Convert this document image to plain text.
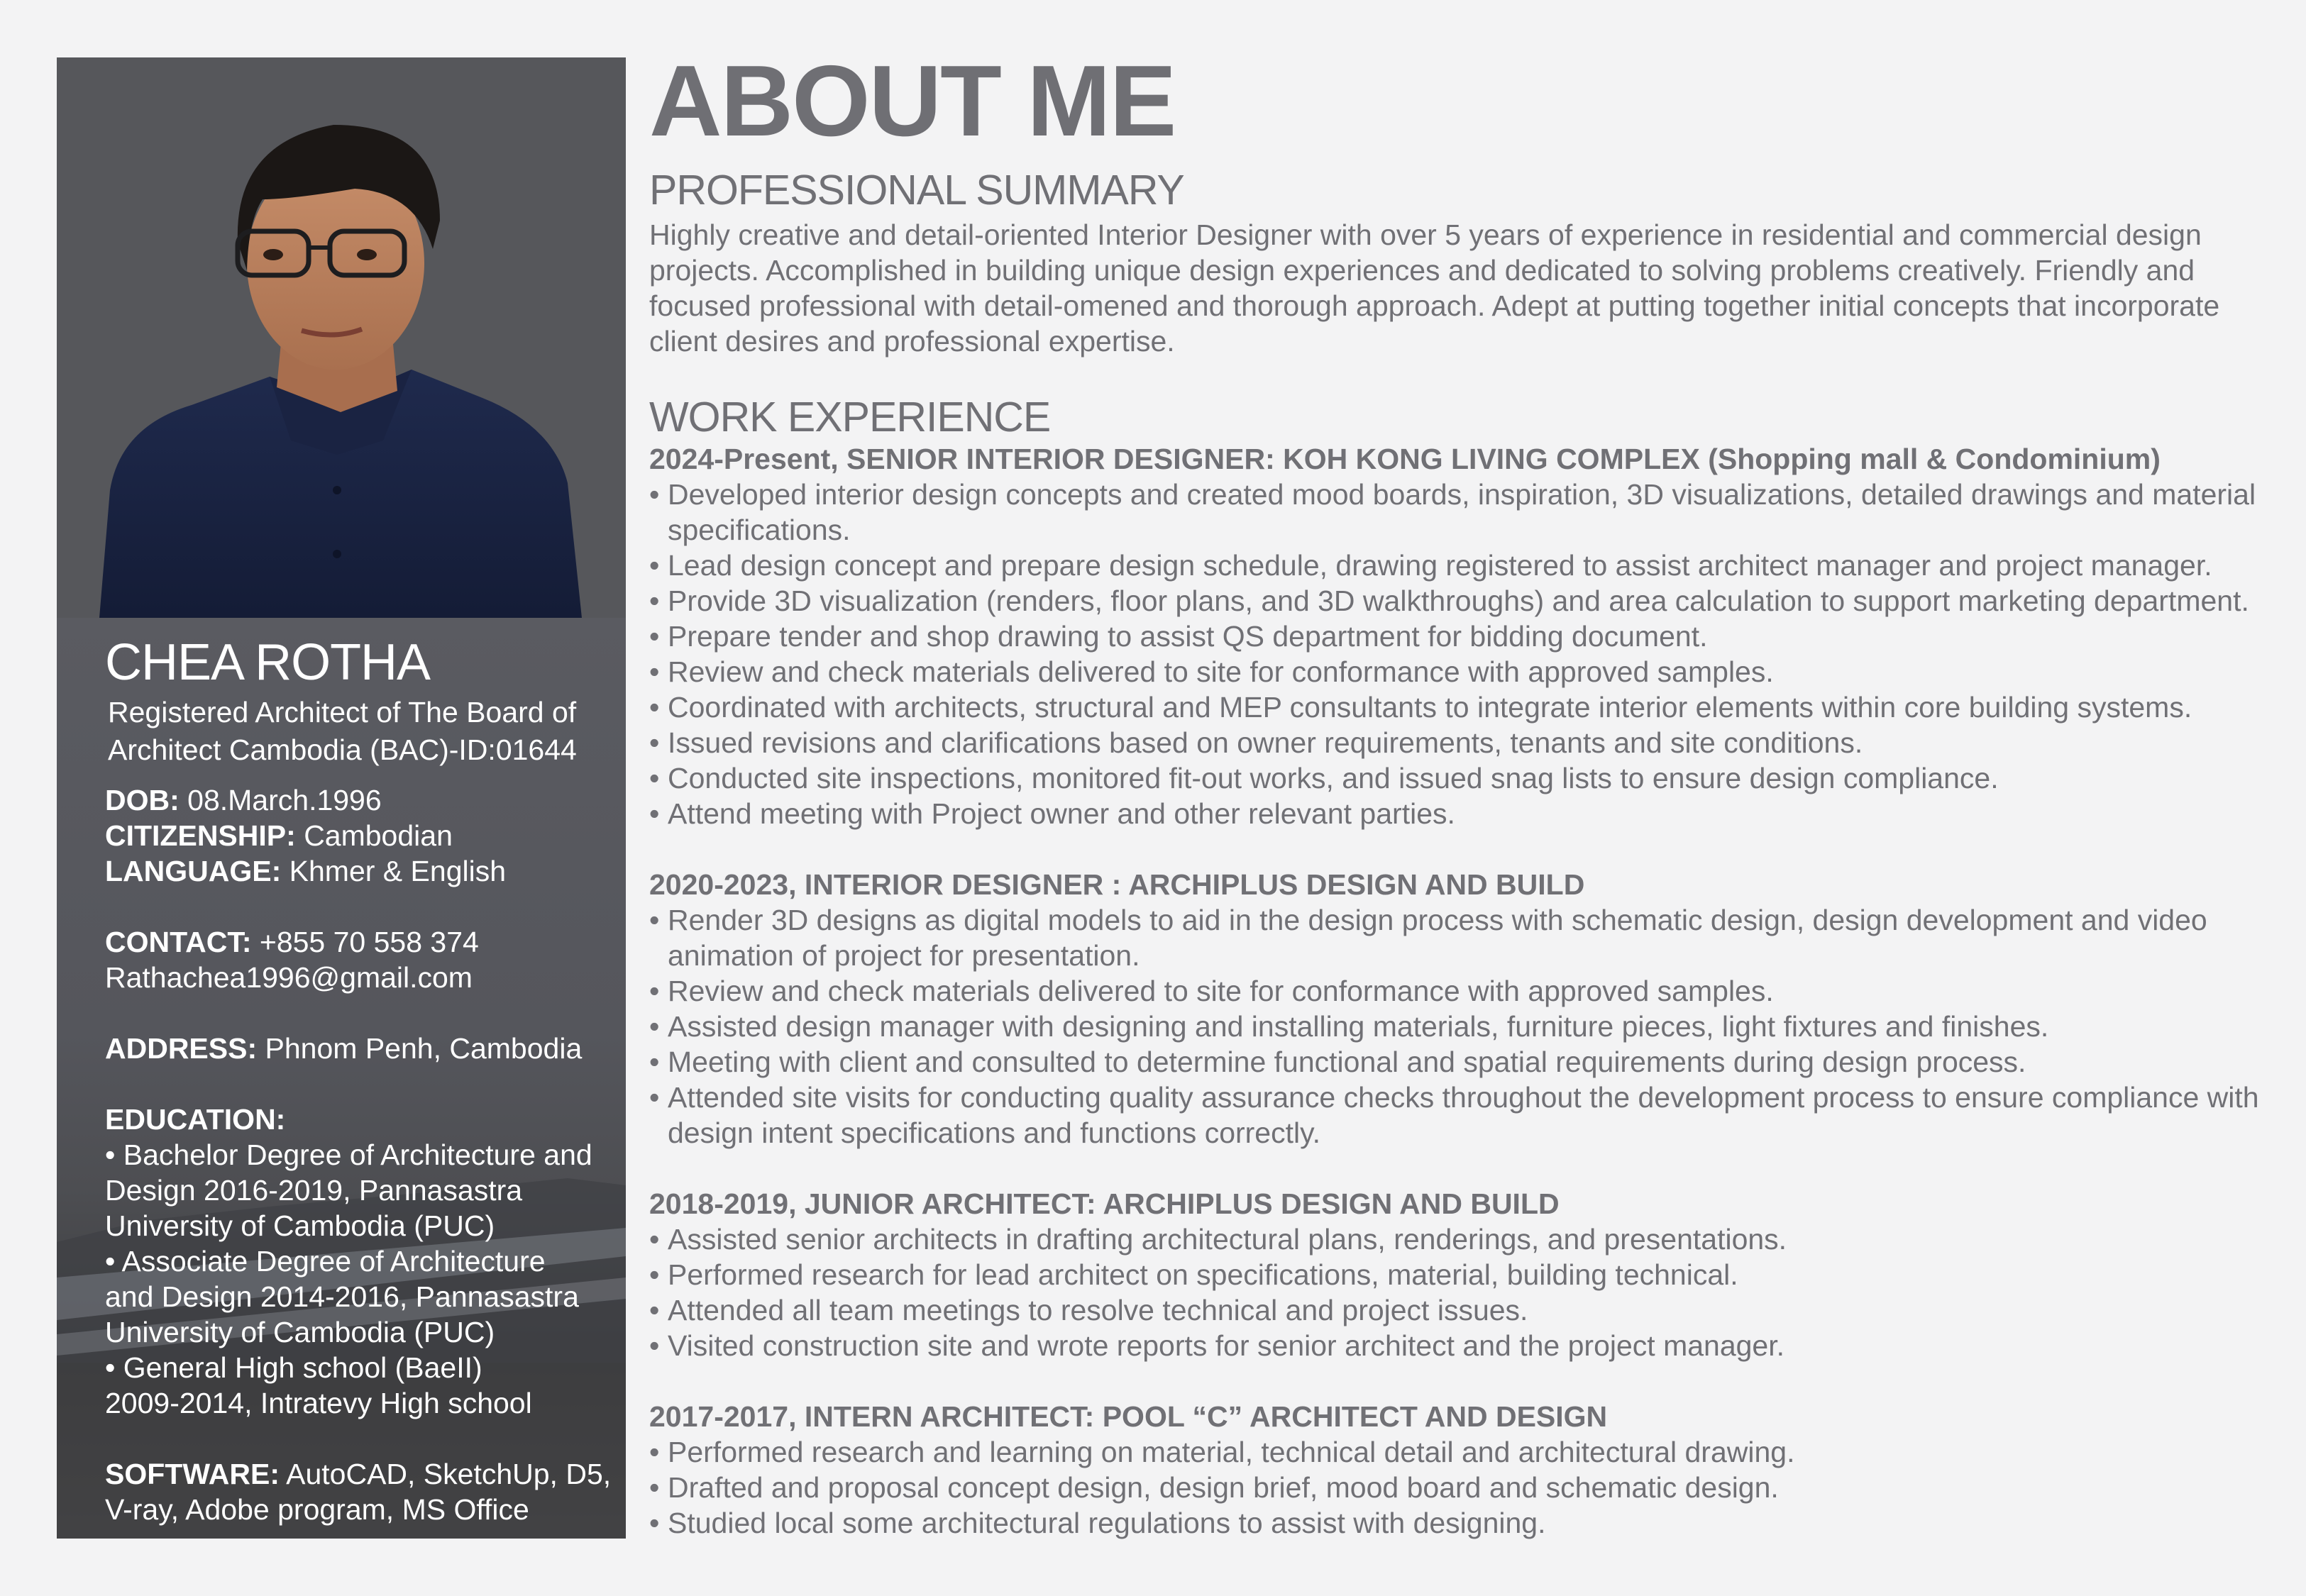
CHEA ROTHA
Registered Architect of The Board of
Architect Cambodia (BAC)-ID:01644

DOB: 08.March.1996

CITIZENSHIP: Cambodian

LANGUAGE: Khmer & English

CONTACT: +855 70 558 374

Rathachea1996@gmail.com

ADDRESS: Phnom Penh, Cambodia

EDUCATION:

• Bachelor Degree of Architecture and

Design 2016-2019, Pannasastra

University of Cambodia (PUC)

• Associate Degree of Architecture

and Design 2014-2016, Pannasastra

University of Cambodia (PUC)

• General High school (BaeII)

2009-2014, Intratevy High school

SOFTWARE: AutoCAD, SketchUp, D5,

V-ray, Adobe program, MS Office

ABOUT ME
PROFESSIONAL SUMMARY
Highly creative and detail-oriented Interior Designer with over 5 years of experience in residential and commercial design
projects. Accomplished in building unique design experiences and dedicated to solving problems creatively. Friendly and
focused professional with detail-omened and thorough approach. Adept at putting together initial concepts that incorporate
client desires and professional expertise.
WORK EXPERIENCE
2024-Present, SENIOR INTERIOR DESIGNER: KOH KONG LIVING COMPLEX (Shopping mall & Condominium)
• Developed interior design concepts and created mood boards, inspiration, 3D visualizations, detailed drawings and material specifications.
• Lead design concept and prepare design schedule, drawing registered to assist architect manager and project manager.
• Provide 3D visualization (renders, floor plans, and 3D walkthroughs) and area calculation to support marketing department.
• Prepare tender and shop drawing to assist QS department for bidding document.
• Review and check materials delivered to site for conformance with approved samples.
• Coordinated with architects, structural and MEP consultants to integrate interior elements within core building systems.
• Issued revisions and clarifications based on owner requirements, tenants and site conditions.
• Conducted site inspections, monitored fit-out works, and issued snag lists to ensure design compliance.
• Attend meeting with Project owner and other relevant parties.
2020-2023, INTERIOR DESIGNER : ARCHIPLUS DESIGN AND BUILD
• Render 3D designs as digital models to aid in the design process with schematic design, design development and video animation of project for presentation.
• Review and check materials delivered to site for conformance with approved samples.
• Assisted design manager with designing and installing materials, furniture pieces, light fixtures and finishes.
• Meeting with client and consulted to determine functional and spatial requirements during design process.
• Attended site visits for conducting quality assurance checks throughout the development process to ensure compliance with design intent specifications and functions correctly.
2018-2019, JUNIOR ARCHITECT: ARCHIPLUS DESIGN AND BUILD
• Assisted senior architects in drafting architectural plans, renderings, and presentations.
• Performed research for lead architect on specifications, material, building technical.
• Attended all team meetings to resolve technical and project issues.
• Visited construction site and wrote reports for senior architect and the project manager.
2017-2017, INTERN ARCHITECT: POOL “C” ARCHITECT AND DESIGN
• Performed research and learning on material, technical detail and architectural drawing.
• Drafted and proposal concept design, design brief, mood board and schematic design.
• Studied local some architectural regulations to assist with designing.
